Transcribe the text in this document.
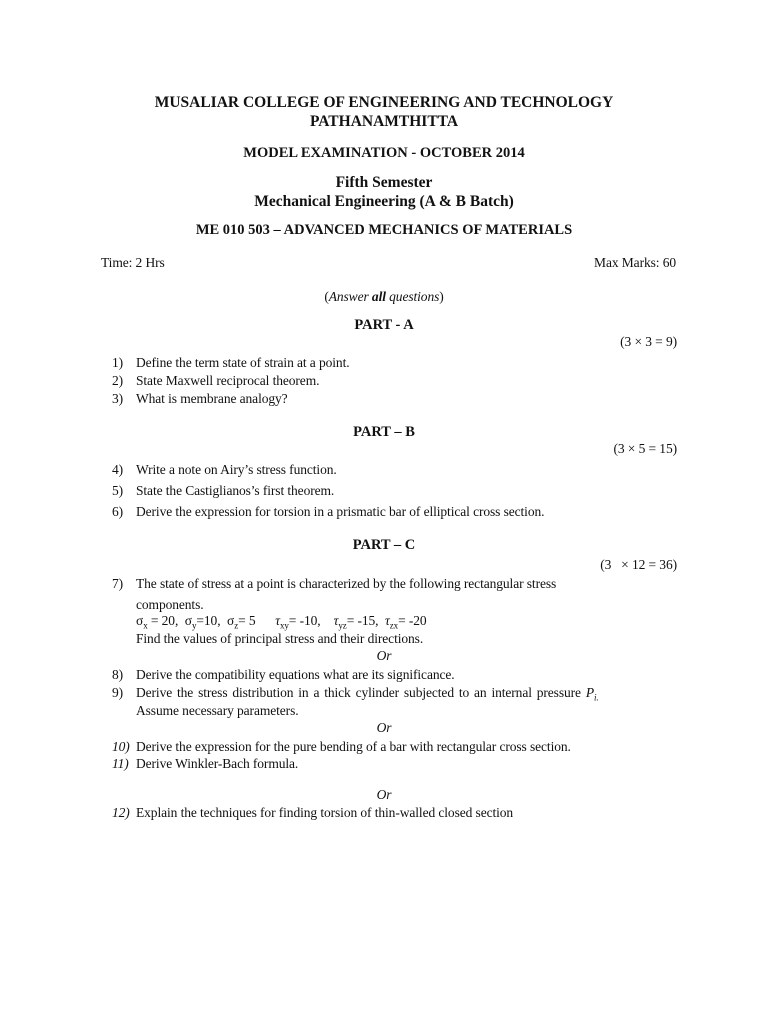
MUSALIAR COLLEGE OF ENGINEERING AND TECHNOLOGY
PATHANAMTHITTA
MODEL EXAMINATION - OCTOBER 2014
Fifth Semester
Mechanical Engineering (A & B Batch)
ME 010 503 – ADVANCED MECHANICS OF MATERIALS
Time: 2 Hrs	Max Marks: 60
(Answer all questions)
PART - A
(3 × 3 = 9)
1) Define the term state of strain at a point.
2) State Maxwell reciprocal theorem.
3) What is membrane analogy?
PART – B
(3 × 5 = 15)
4) Write a note on Airy’s stress function.
5) State the Castiglianos’s first theorem.
6) Derive the expression for torsion in a prismatic bar of elliptical cross section.
PART – C
(3   × 12 = 36)
7) The state of stress at a point is characterized by the following rectangular stress
components.
$\sigma_x = 20$, $\sigma_y=10$, $\sigma_z= 5$ $\tau_{xy}= -10$, $\tau_{yz}= -15$, $\tau_{zx}= -20$
Find the values of principal stress and their directions.
Or
8) Derive the compatibility equations what are its significance.
9) Derive the stress distribution in a thick cylinder subjected to an internal pressure $P_{i.}$
Assume necessary parameters.
Or
10) Derive the expression for the pure bending of a bar with rectangular cross section.
11) Derive Winkler-Bach formula.
Or
12) Explain the techniques for finding torsion of thin-walled closed section
